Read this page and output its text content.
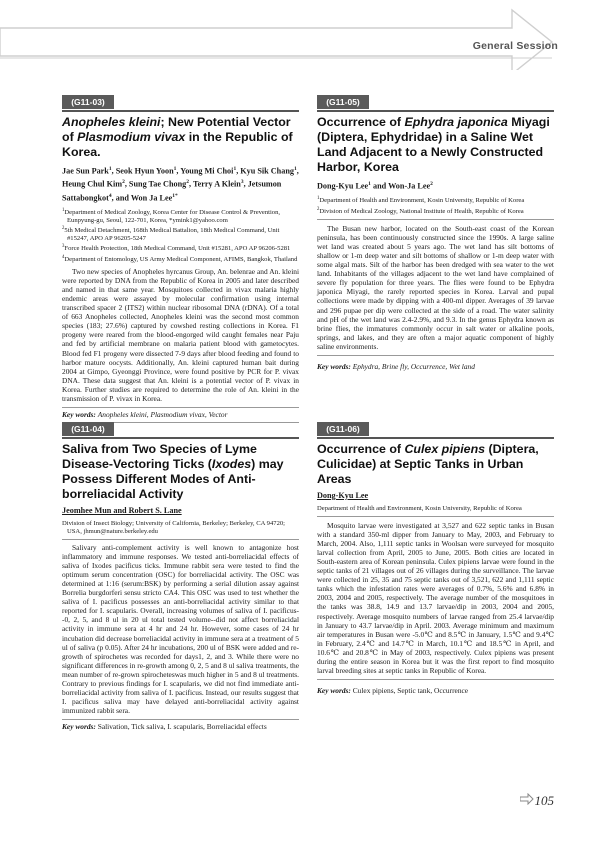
General Session
(G11-03)
Anopheles kleini; New Potential Vector of Plasmodium vivax in the Republic of Korea.
Jae Sun Park$^1$, Seok Hyun Yoon$^1$, Young Mi Choi$^1$, Kyu Sik Chang$^1$, Heung Chul Kim$^2$, Sung Tae Chong$^2$, Terry A Klein$^3$, Jetsumon Sattabongkot$^4$, and Won Ja Lee$^{1*}$
$^1$Department of Medical Zoology, Korea Center for Disease Control & Prevention, Eunpyung-gu, Seoul, 122-701, Korea, *ymink1@yahoo.com
$^2$5th Medical Detachment, 168th Medical Battalion, 18th Medical Command, Unit #15247, APO AP 96205-5247
$^3$Force Health Protection, 18th Medical Command, Unit #15281, APO AP 96206-5281
$^4$Department of Entomology, US Army Medical Component, AFIMS, Bangkok, Thailand

Two new species of Anopheles hyrcanus Group, An. belenrae and An. kleini were reported by DNA from the Republic of Korea in 2005 and later described and named in that same year. Mosquitoes collected in vivax malaria highly endemic areas were assayed by molecular confirmation using internal transcribed spacer 2 (ITS2) within nuclear ribosomal DNA (rDNA). Of a total of 663 Anopheles collected, Anopheles kleini was the second most common species (183; 27.6%) captured by cowshed resting collections in Korea. F1 progeny were reared from the blood-engorged wild caught females near Paju and fed by artificial membrane on malaria patient blood with gametocytes. Blood fed F1 progeny were dissected 7-9 days after blood feeding and found to harbor mature oocysts. Additionally, An. kleini captured human bait during 2004 at Gimpo, Gyeonggi Province, were found positive by PCR for P. vivax DNA. These data suggest that An. kleini is a potential vector of P. vivax in Korea. Further studies are required to determine the role of An. kleini in the transmission of P. vivax in Korea.

Key words: Anopheles kleini, Plasmodium vivax, Vector
(G11-05)
Occurrence of Ephydra japonica Miyagi (Diptera, Ephydridae) in a Saline Wet Land Adjacent to a Newly Constructed Harbor, Korea
Dong-Kyu Lee$^1$ and Won-Ja Lee$^2$
$^1$Department of Health and Environment, Kosin University, Republic of Korea
$^2$Division of Medical Zoology, National Institute of Health, Republic of Korea

The Busan new harbor, located on the South-east coast of the Korean peninsula, has been continuously constructed since the 1990s. A large saline wet land was created about 5 years ago. The wet land has silt bottoms of shallow or 1-m deep water and silt bottoms of shallow or 1-m deep water with some algal mats. Silt of the harbor has been dredged with sea water to the wet land. Inhabitants of the villages adjacent to the wet land have complained of severe fly population for three years. The flies were found to be Ephydra japonica Miyagi, the rarely reported species in Korea. Larval and pupal collections were made by dipping with a 400-ml dipper. Averages of 39 larvae and 296 pupae per dip were collected at the side of a road. The water salinity and pH of the wet land was 2.4-2.9%, and 9.3. In the genus Ephydra known as brine flies, the immatures commonly occur in salt water or alkaline pools, springs, and lakes, and they are often a major aquatic component of highly saline environments.

Key words: Ephydra, Brine fly, Occurrence, Wet land
(G11-04)
Saliva from Two Species of Lyme Disease-Vectoring Ticks (Ixodes) may Possess Different Modes of Anti-borreliacidal Activity
Jeomhee Mun and Robert S. Lane
Division of Insect Biology; University of California, Berkeley; Berkeley, CA 94720; USA, jhmun@nature.berkeley.edu

Salivary anti-complement activity is well known to antagonize host inflammatory and immune responses. We tested anti-borreliacidal effects of saliva of Ixodes pacificus ticks. Immune rabbit sera were tested to find the optimum serum concentration (OSC) for borreliacidal activity. The OSC was determined at 1:16 (serum:BSK) by performing a serial dilution assay against Borrelia burgdorferi sensu stricto CA4. This OSC was used to test whether the saliva of I. pacificus possesses an anti-borreliacidal activity similar to that reported for I. scapularis. Overall, increasing volumes of saliva of I. pacificus--0, 2, 5, and 8 ul in 20 ul total tested volume--did not affect borreliacidal activity in immune sera at 4 hr and 24 hr. However, some cases of 24 hr incubation did decrease borreliacidal activity in immune sera at a treatment of 5 ul of saliva (p 0.05). After 24 hr incubations, 200 ul of BSK were added and re-growth of spirochetes was recorded for days1, 2, and 3. While there were no significant differences in re-growth among 0, 2, 5 and 8 ul saliva treatments, the mean number of re-grown spirocheteswas much higher in 5 and 8 ul treatments. Contrary to previous findings for I. scapularis, we did not find immediate anti-borreliacidal activity from saliva of I. pacificus. Instead, our results suggest that I. pacificus saliva may have delayed anti-borreliacidal activity against immunized rabbit sera.

Key words: Salivation, Tick saliva, I. scapularis, Borreliacidal effects
(G11-06)
Occurrence of Culex pipiens (Diptera, Culicidae) at Septic Tanks in Urban Areas
Dong-Kyu Lee
Department of Health and Environment, Kosin University, Republic of Korea

Mosquito larvae were investigated at 3,527 and 622 septic tanks in Busan with a standard 350-ml dipper from January to May, 2003, and February to March, 2004. Also, 1,111 septic tanks in Woolsan were surveyed for mosquito larval collection from April, 2005 to June, 2005. Both cities are located in South-eastern area of Korean peninsula. Culex pipiens larvae were found in the septic tanks of 21 villages out of 26 villages during the surveillance. The larvae were collected in 25, 35 and 75 septic tanks out of 3,521, 622 and 1,111 septic tanks which the infestation rates were averages of 0.7%, 5.6% and 6.8% in 2003, 2004 and 2005, respectively. The average number of the mosquitoes in the tanks was 38.8, 14.9 and 13.7 larvae/dip in 2003, 2004 and 2005, respectively. Average mosquito numbers of larvae ranged from 25.4 larvae/dip in January to 43.7 larvae/dip in April. 2003. Average minimum and maximum air temperatures in Busan were -5.0℃ and 8.5℃ in January, 1.5℃ and 9.4℃ in February, 2.4℃ and 14.7℃ in March, 10.1℃ and 18.5℃ in April, and 10.6℃ and 20.8℃ in May of 2003, respectively. Culex pipiens was present during the entire season in Korea but it was the first report to find mosquito larval breeding sites at septic tanks in Republic of Korea.

Key words: Culex pipiens, Septic tank, Occurrence
105
